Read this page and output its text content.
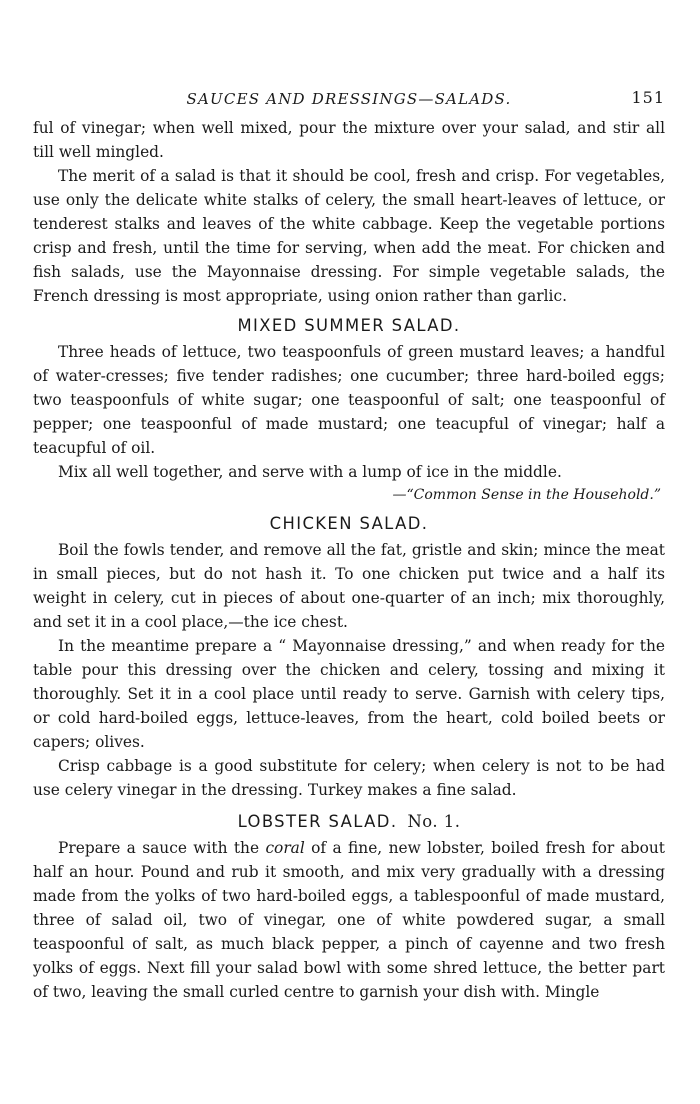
SAUCES AND DRESSINGS—SALADS.	151

ful of vinegar; when well mixed, pour the mixture over your salad, and stir all till well mingled.

The merit of a salad is that it should be cool, fresh and crisp. For vegetables, use only the delicate white stalks of celery, the small heart-leaves of lettuce, or tenderest stalks and leaves of the white cabbage. Keep the vegetable portions crisp and fresh, until the time for serving, when add the meat. For chicken and fish salads, use the Mayonnaise dressing. For simple vegetable salads, the French dressing is most appropriate, using onion rather than garlic.

MIXED SUMMER SALAD.

Three heads of lettuce, two teaspoonfuls of green mustard leaves; a handful of water-cresses; five tender radishes; one cucumber; three hard-boiled eggs; two teaspoonfuls of white sugar; one teaspoonful of salt; one teaspoonful of pepper; one teaspoonful of made mustard; one teacupful of vinegar; half a teacupful of oil.

Mix all well together, and serve with a lump of ice in the middle.

—“Common Sense in the Household.”
CHICKEN SALAD.

Boil the fowls tender, and remove all the fat, gristle and skin; mince the meat in small pieces, but do not hash it. To one chicken put twice and a half its weight in celery, cut in pieces of about one-quarter of an inch; mix thoroughly, and set it in a cool place,—the ice chest.

In the meantime prepare a “ Mayonnaise dressing,” and when ready for the table pour this dressing over the chicken and celery, tossing and mixing it thoroughly. Set it in a cool place until ready to serve. Garnish with celery tips, or cold hard-boiled eggs, lettuce-leaves, from the heart, cold boiled beets or capers; olives.

Crisp cabbage is a good substitute for celery; when celery is not to be had use celery vinegar in the dressing. Turkey makes a fine salad.

LOBSTER SALAD. No. 1.

Prepare a sauce with the coral of a fine, new lobster, boiled fresh for about half an hour. Pound and rub it smooth, and mix very gradually with a dressing made from the yolks of two hard-boiled eggs, a tablespoonful of made mustard, three of salad oil, two of vinegar, one of white powdered sugar, a small teaspoonful of salt, as much black pepper, a pinch of cayenne and two fresh yolks of eggs. Next fill your salad bowl with some shred lettuce, the better part of two, leaving the small curled centre to garnish your dish with. Mingle
